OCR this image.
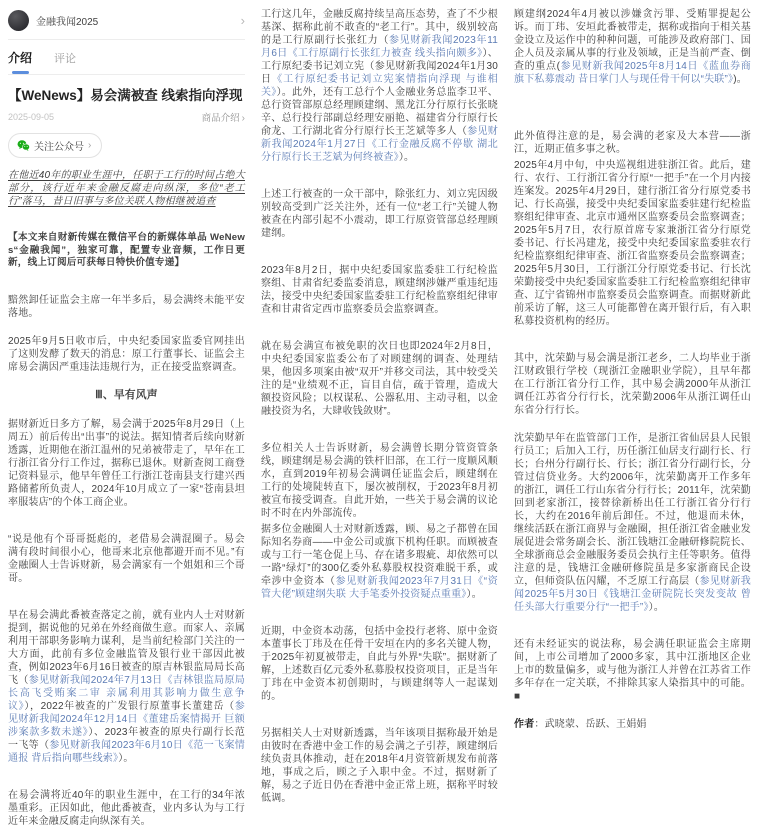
金融我闻2025	›
介绍 评论
【WeNews】易会满被查 线索指向浮现
2025-09-05	商品介绍 ›
关注公众号 ›

在他近40年的职业生涯中，任职于工行的时间占绝大部分，该行近年来金融反腐走向纵深，多位“老工行”落马，昔日旧事与多位关联人物相继被追查

【本文来自财新传媒在微信平台的新媒体单品 WeNews“金融我闻”，独家可靠，配置专业音频，工作日更新，线上订阅后可获每日特快价值专递】

黯然卸任证监会主席一年半多后，易会满终未能平安落地。

2025年9月5日收市后，中央纪委国家监委官网挂出了这则发酵了数天的消息：原工行董事长、证监会主席易会满因严重违法违规行为，正在接受监察调查。

Ⅲ、早有风声

据财新近日多方了解，易会满于2025年8月29日（上周五）前后传出“出事”的说法。据知情者后续向财新透露，近期他在浙江温州的兄弟被带走了，早年在工行浙江省分行工作过，据称已退休。财新查阅工商登记资料显示，他早年曾任工行浙江苍南县支行建兴西路储蓄所负责人，2024年10月成立了一家“苍南县坦率服装店”的个体工商企业。

“说是他有个哥哥挺彪的，老借易会满混圈子。易会满有段时间很小心，他哥来北京他都避开而不见。”有金融圈人士告诉财新，易会满家有一个姐姐和三个哥哥。

早在易会满此番被查落定之前，就有业内人士对财新提到，据说他的兄弟在外经商做生意。而家人、亲属利用干部职务影响力谋利，是当前纪检部门关注的一大方面，此前有多位金融监管及银行业干部因此被查，例如2023年6月16日被查的原吉林银监局局长高飞（参见财新我闻2024年7月13日《吉林银监局原局长高飞受贿案二审 亲属利用其影响力做生意争议》），2022年被查的广发银行原董事长董建岳（参见财新我闻2024年12月14日《董建岳案情揭开 巨额涉案款多数未遂》）、2023年被查的原央行副行长范一飞等（参见财新我闻2023年6月10日《范一飞案情通报 背后指向哪些线索》）。

在易会满将近40年的职业生涯中，在工行的34年浓墨重彩。正因如此，他此番被查，业内多认为与工行近年来金融反腐走向纵深有关。

工行这几年，金融反腐持续呈高压态势，查了不少根基深、据称此前不敢查的“老工行”。其中，级别较高的是工行原副行长张红力（参见财新我闻2023年11月6日《工行原副行长张红力被查 线头指向颇多》）、工行原纪委书记刘立宪（参见财新我闻2024年1月30日《工行原纪委书记刘立宪案情指向浮现 与谁相关》）。此外，还有工总行个人金融业务总监李卫平、总行资管部原总经理顾建纲、黑龙江分行原行长张晓辛、总行投行部副总经理安丽艳、福建省分行原行长俞龙、工行湖北省分行原行长王芝斌等多人（参见财新我闻2024年1月27日《工行金融反腐不停歇 湖北分行原行长王芝斌为何终被查》）。

上述工行被查的一众干部中，除张红力、刘立宪因级别较高受到广泛关注外，还有一位“老工行”关键人物被查在内部引起不小震动，即工行原资管部总经理顾建纲。

2023年8月2日，据中央纪委国家监委驻工行纪检监察组、甘肃省纪委监委消息，顾建纲涉嫌严重违纪违法，接受中央纪委国家监委驻工行纪检监察组纪律审查和甘肃省定西市监察委员会监察调查。

就在易会满宣布被免职的次日也即2024年2月8日，中央纪委国家监委公布了对顾建纲的调查、处理结果，他因多项案由被“双开”并移交司法，其中较受关注的是“业绩观不正，盲目自信，疏于管理，造成大额投资风险；以权谋私、公器私用、主动寻租，以金融投资为名，大肆收钱敛财”。

多位相关人士告诉财新，易会满曾长期分管资管条线，顾建纲是易会满的铁杆旧部，在工行一度顺风顺水，直到2019年初易会满调任证监会后，顾建纲在工行的处境陡转直下，屡次被削权，于2023年8月初被宣布接受调查。自此开始，一些关于易会满的议论时不时在内外部流传。

据多位金融圈人士对财新透露，顾、易之子都曾在国际知名券商——中金公司或旗下机构任职。而顾被查或与工行一笔仓促上马、存在诸多瑕疵、却依然可以一路“绿灯”的300亿委外私募股权投资难脱干系，或牵涉中金资本（参见财新我闻2023年7月31日《“资管大佬”顾建纲失联 大手笔委外投资疑点重重》）。

近期，中金资本动荡，包括中金投行老将、原中金资本董事长丁玮及在任骨干安垣在内的多名关键人物，于2025年初夏被带走，自此与外界“失联”。据财新了解，上述数百亿元委外私募股权投资项目，正是当年丁玮在中金资本初创期时，与顾建纲等人一起谋划的。

另据相关人士对财新透露，当年该项目据称最开始是由彼时在香港中金工作的易会满之子引荐，顾建纲后续负责具体推动，赶在2018年4月资管新规发布前落地，事成之后，顾之子入职中金。不过，据财新了解，易之子近日仍在香港中金正常上班，据称平时较低调。

顾建纲2024年4月被以涉嫌贪污罪、受贿罪提起公诉。而丁玮、安垣此番被带走，据称或指向于相关基金设立及运作中的种种问题，可能涉及政府部门、国企人员及亲属从事的行业及领域，正是当前严查、倒查的重点(参见财新我闻2025年8月14日《蓝血券商旗下私募震动 昔日掌门人与现任骨干何以“失联”》)。

此外值得注意的是，易会满的老家及大本营——浙江，近期正值多事之秋。

2025年4月中旬，中央巡视组进驻浙江省。此后，建行、农行、工行浙江省分行原“一把手”在一个月内接连案发。2025年4月29日，建行浙江省分行原党委书记、行长高强，接受中央纪委国家监委驻建行纪检监察组纪律审查、北京市通州区监察委员会监察调查；2025年5月7日，农行原首席专家兼浙江省分行原党委书记、行长冯建龙，接受中央纪委国家监委驻农行纪检监察组纪律审查、浙江省监察委员会监察调查；2025年5月30日，工行浙江分行原党委书记、行长沈荣勤接受中央纪委国家监委驻工行纪检监察组纪律审查、辽宁省锦州市监察委员会监察调查。而据财新此前采访了解，这三人可能都曾在离开银行后，有入职私募投资机构的经历。

其中，沈荣勤与易会满是浙江老乡，二人均毕业于浙江财政银行学校（现浙江金融职业学院），且早年都在工行浙江省分行工作，其中易会满2000年从浙江调任江苏省分行行长，沈荣勤2006年从浙江调任山东省分行行长。

沈荣勤早年在监管部门工作，是浙江省仙居县人民银行员工；后加入工行，历任浙江仙居支行副行长、行长；台州分行副行长、行长；浙江省分行副行长，分管过信贷业务。大约2006年，沈荣勤离开工作多年的浙江，调任工行山东省分行行长；2011年，沈荣勤回到老家浙江，接替徐新桥出任工行浙江省分行行长，大约在2016年前后卸任。不过，他退而未休，继续活跃在浙江商界与金融圈，担任浙江省金融业发展促进会常务副会长、浙江钱塘江金融研修院院长、全球浙商总会金融服务委员会执行主任等职务。值得注意的是，钱塘江金融研修院虽是多家浙商民企设立，但师资队伍闪耀，不乏原工行高层（参见财新我闻2025年5月30日《钱塘江金研院院长突发变故 曾任头部大行重要分行“一把手”》）。

还有未经证实的说法称，易会满任职证监会主席期间，上市公司增加了2000多家，其中江浙地区企业上市的数量偏多，或与他为浙江人并曾在江苏省工作多年存在一定关联，不排除其家人染指其中的可能。■

作者：武晓蒙、岳跃、王娟娟
